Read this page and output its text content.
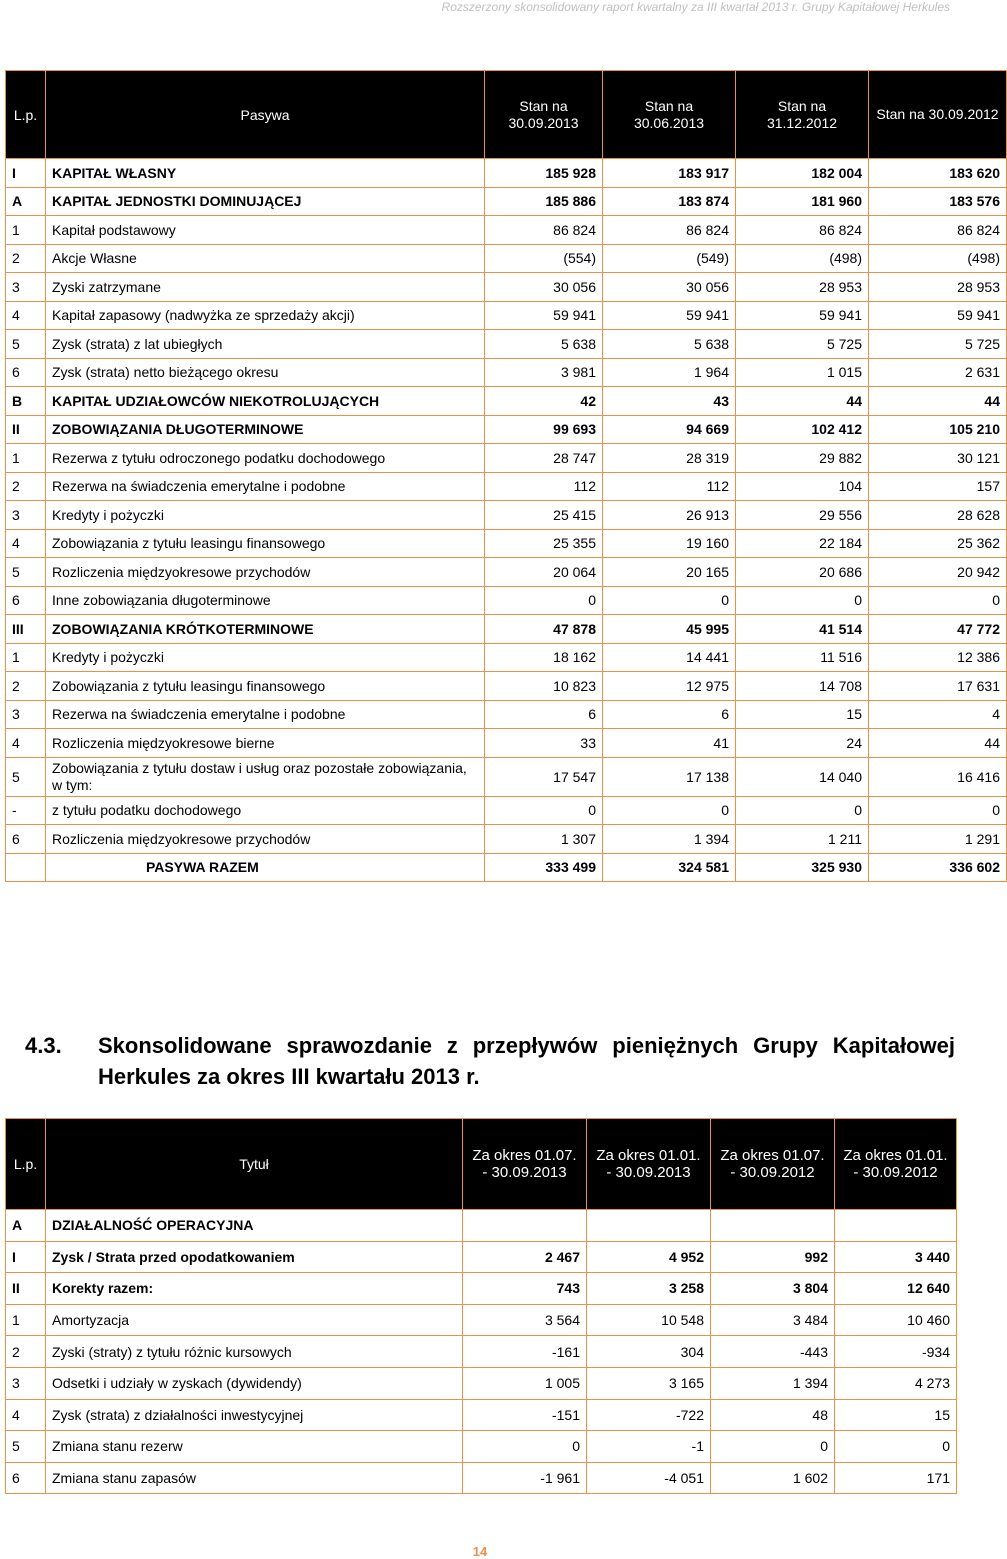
Rozszerzony skonsolidowany raport kwartalny za III kwartał 2013 r. Grupy Kapitałowej Herkules
L.p.	Pasywa	Stan na 30.09.2013	Stan na 30.06.2013	Stan na 31.12.2012	Stan na 30.09.2012
I	KAPITAŁ WŁASNY	185 928	183 917	182 004	183 620
A	KAPITAŁ JEDNOSTKI DOMINUJĄCEJ	185 886	183 874	181 960	183 576
1	Kapitał podstawowy	86 824	86 824	86 824	86 824
2	Akcje Własne	(554)	(549)	(498)	(498)
3	Zyski zatrzymane	30 056	30 056	28 953	28 953
4	Kapitał zapasowy (nadwyżka ze sprzedaży akcji)	59 941	59 941	59 941	59 941
5	Zysk (strata) z lat ubiegłych	5 638	5 638	5 725	5 725
6	Zysk (strata) netto bieżącego okresu	3 981	1 964	1 015	2 631
B	KAPITAŁ UDZIAŁOWCÓW NIEKOTROLUJĄCYCH	42	43	44	44
II	ZOBOWIĄZANIA DŁUGOTERMINOWE	99 693	94 669	102 412	105 210
1	Rezerwa z tytułu odroczonego podatku dochodowego	28 747	28 319	29 882	30 121
2	Rezerwa na świadczenia emerytalne i podobne	112	112	104	157
3	Kredyty i pożyczki	25 415	26 913	29 556	28 628
4	Zobowiązania z tytułu leasingu finansowego	25 355	19 160	22 184	25 362
5	Rozliczenia międzyokresowe przychodów	20 064	20 165	20 686	20 942
6	Inne zobowiązania długoterminowe	0	0	0	0
III	ZOBOWIĄZANIA KRÓTKOTERMINOWE	47 878	45 995	41 514	47 772
1	Kredyty i pożyczki	18 162	14 441	11 516	12 386
2	Zobowiązania z tytułu leasingu finansowego	10 823	12 975	14 708	17 631
3	Rezerwa na świadczenia emerytalne i podobne	6	6	15	4
4	Rozliczenia międzyokresowe bierne	33	41	24	44
5	Zobowiązania z tytułu dostaw i usług oraz pozostałe zobowiązania, w tym:	17 547	17 138	14 040	16 416
-	z tytułu podatku dochodowego	0	0	0	0
6	Rozliczenia międzyokresowe przychodów	1 307	1 394	1 211	1 291
	PASYWA RAZEM	333 499	324 581	325 930	336 602
4.3. Skonsolidowane sprawozdanie z przepływów pieniężnych Grupy Kapitałowej Herkules za okres III kwartału 2013 r.
L.p.	Tytuł	Za okres 01.07. - 30.09.2013	Za okres 01.01. - 30.09.2013	Za okres 01.07. - 30.09.2012	Za okres 01.01. - 30.09.2012
A	DZIAŁALNOŚĆ OPERACYJNA				
I	Zysk / Strata przed opodatkowaniem	2 467	4 952	992	3 440
II	Korekty razem:	743	3 258	3 804	12 640
1	Amortyzacja	3 564	10 548	3 484	10 460
2	Zyski (straty) z tytułu różnic kursowych	-161	304	-443	-934
3	Odsetki i udziały w zyskach (dywidendy)	1 005	3 165	1 394	4 273
4	Zysk (strata) z działalności inwestycyjnej	-151	-722	48	15
5	Zmiana stanu rezerw	0	-1	0	0
6	Zmiana stanu zapasów	-1 961	-4 051	1 602	171
14
